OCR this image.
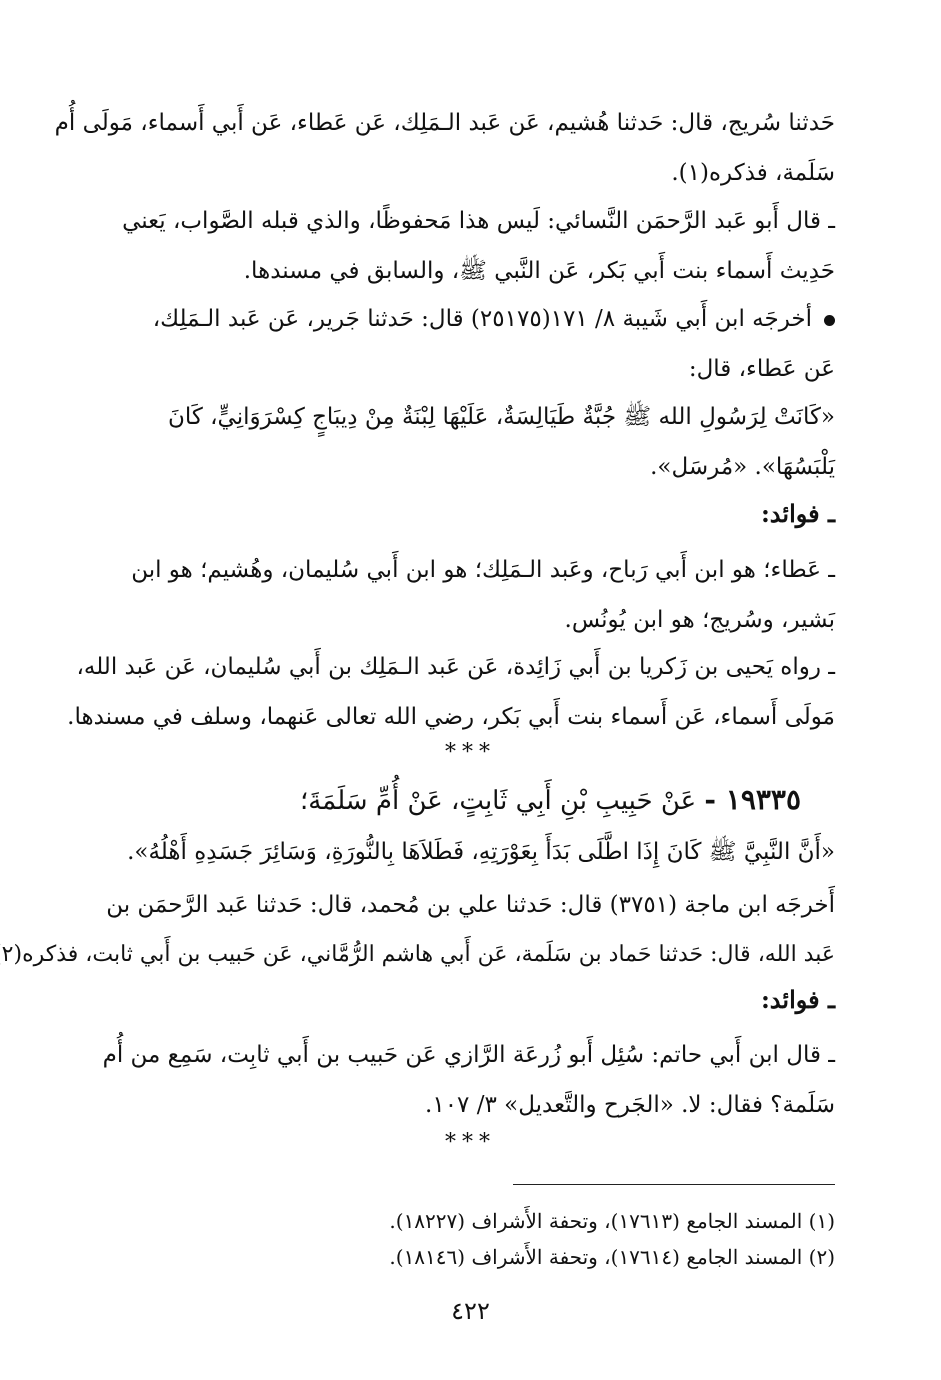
حَدثنا سُريج، قال: حَدثنا هُشيم، عَن عَبد الـمَلِك، عَن عَطاء، عَن أَبي أَسماء، مَولَى أُم
سَلَمة، فذكره(١).

ـ قال أَبو عَبد الرَّحمَن النَّسائي: لَيس هذا مَحفوظًا، والذي قبله الصَّواب، يَعني
حَدِيث أَسماء بنت أَبي بَكر، عَن النَّبي ﷺ، والسابق في مسندها.

أخرجَه ابن أَبي شَيبة ٨/ ١٧١(٢٥١٧٥) قال: حَدثنا جَرير، عَن عَبد الـمَلِك،
عَن عَطاء، قال:

«كَانَتْ لِرَسُولِ الله ﷺ جُبَّةٌ طَيَالِسَةٌ، عَلَيْهَا لِبْنَةٌ مِنْ دِيبَاجٍ كِسْرَوَانِيٍّ، كَانَ
يَلْبَسُهَا». «مُرسَل».

ـ فوائد:

ـ عَطاء؛ هو ابن أَبي رَباح، وعَبد الـمَلِك؛ هو ابن أَبي سُليمان، وهُشيم؛ هو ابن
بَشير، وسُريج؛ هو ابن يُونُس.

ـ رواه يَحيى بن زَكريا بن أَبي زَائِدة، عَن عَبد الـمَلِك بن أَبي سُليمان، عَن عَبد الله،
مَولَى أَسماء، عَن أَسماء بنت أَبي بَكر، رضي الله تعالى عَنهما، وسلف في مسندها.

***
١٩٣٣٥ - عَنْ حَبِيبِ بْنِ أَبِي ثَابِتٍ، عَنْ أُمِّ سَلَمَةَ؛
«أَنَّ النَّبِيَّ ﷺ كَانَ إِذَا اطَّلَى بَدَأَ بِعَوْرَتِهِ، فَطَلاَهَا بِالنُّورَةِ، وَسَائِرَ جَسَدِهِ أَهْلُهُ».

أَخرجَه ابن ماجة (٣٧٥١) قال: حَدثنا علي بن مُحمد، قال: حَدثنا عَبد الرَّحمَن بن
عَبد الله، قال: حَدثنا حَماد بن سَلَمة، عَن أَبي هاشم الرُّمَّاني، عَن حَبيب بن أَبي ثابت، فذكره(٢

ـ فوائد:

ـ قال ابن أَبي حاتم: سُئِل أَبو زُرعَة الرَّازي عَن حَبيب بن أَبي ثابِت، سَمِع من أُم
سَلَمة؟ فقال: لا. «الجَرح والتَّعديل» ٣/ ١٠٧.

***
(١) المسند الجامع (١٧٦١٣)، وتحفة الأَشراف (١٨٢٢٧).
(٢) المسند الجامع (١٧٦١٤)، وتحفة الأَشراف (١٨١٤٦).
٤٢٢
